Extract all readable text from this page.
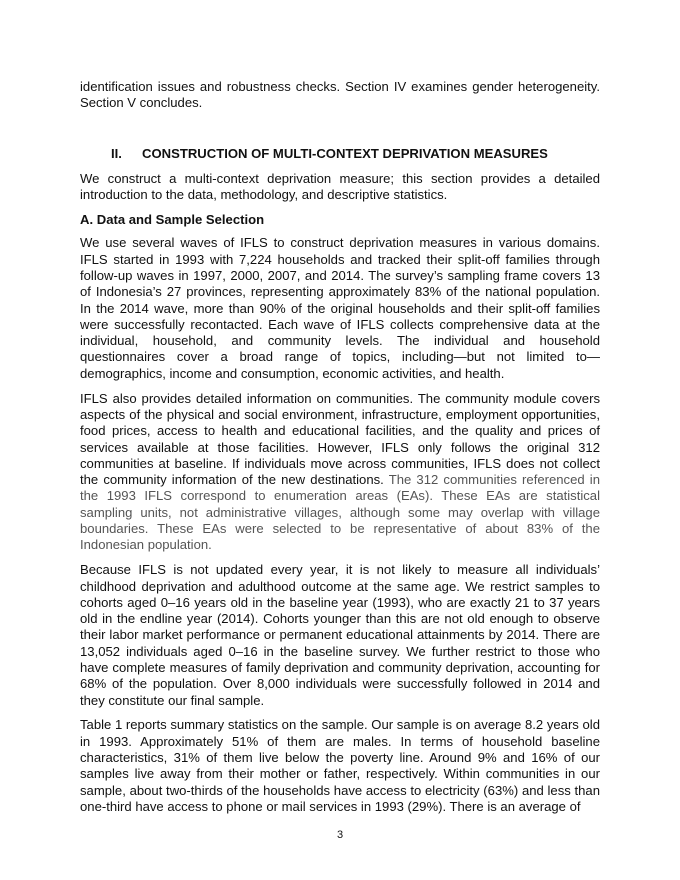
identification issues and robustness checks. Section IV examines gender heterogeneity. Section V concludes.

II.	CONSTRUCTION OF MULTI-CONTEXT DEPRIVATION MEASURES

We construct a multi-context deprivation measure; this section provides a detailed introduction to the data, methodology, and descriptive statistics.

A. Data and Sample Selection

We use several waves of IFLS to construct deprivation measures in various domains. IFLS started in 1993 with 7,224 households and tracked their split-off families through follow-up waves in 1997, 2000, 2007, and 2014. The survey’s sampling frame covers 13 of Indonesia’s 27 provinces, representing approximately 83% of the national population. In the 2014 wave, more than 90% of the original households and their split-off families were successfully recontacted. Each wave of IFLS collects comprehensive data at the individual, household, and community levels. The individual and household questionnaires cover a broad range of topics, including—but not limited to—demographics, income and consumption, economic activities, and health.

IFLS also provides detailed information on communities. The community module covers aspects of the physical and social environment, infrastructure, employment opportunities, food prices, access to health and educational facilities, and the quality and prices of services available at those facilities. However, IFLS only follows the original 312 communities at baseline. If individuals move across communities, IFLS does not collect the community information of the new destinations. The 312 communities referenced in the 1993 IFLS correspond to enumeration areas (EAs). These EAs are statistical sampling units, not administrative villages, although some may overlap with village boundaries. These EAs were selected to be representative of about 83% of the Indonesian population.

Because IFLS is not updated every year, it is not likely to measure all individuals’ childhood deprivation and adulthood outcome at the same age. We restrict samples to cohorts aged 0–16 years old in the baseline year (1993), who are exactly 21 to 37 years old in the endline year (2014). Cohorts younger than this are not old enough to observe their labor market performance or permanent educational attainments by 2014. There are 13,052 individuals aged 0–16 in the baseline survey. We further restrict to those who have complete measures of family deprivation and community deprivation, accounting for 68% of the population. Over 8,000 individuals were successfully followed in 2014 and they constitute our final sample.

Table 1 reports summary statistics on the sample. Our sample is on average 8.2 years old in 1993. Approximately 51% of them are males. In terms of household baseline characteristics, 31% of them live below the poverty line. Around 9% and 16% of our samples live away from their mother or father, respectively. Within communities in our sample, about two-thirds of the households have access to electricity (63%) and less than one-third have access to phone or mail services in 1993 (29%). There is an average of

3
